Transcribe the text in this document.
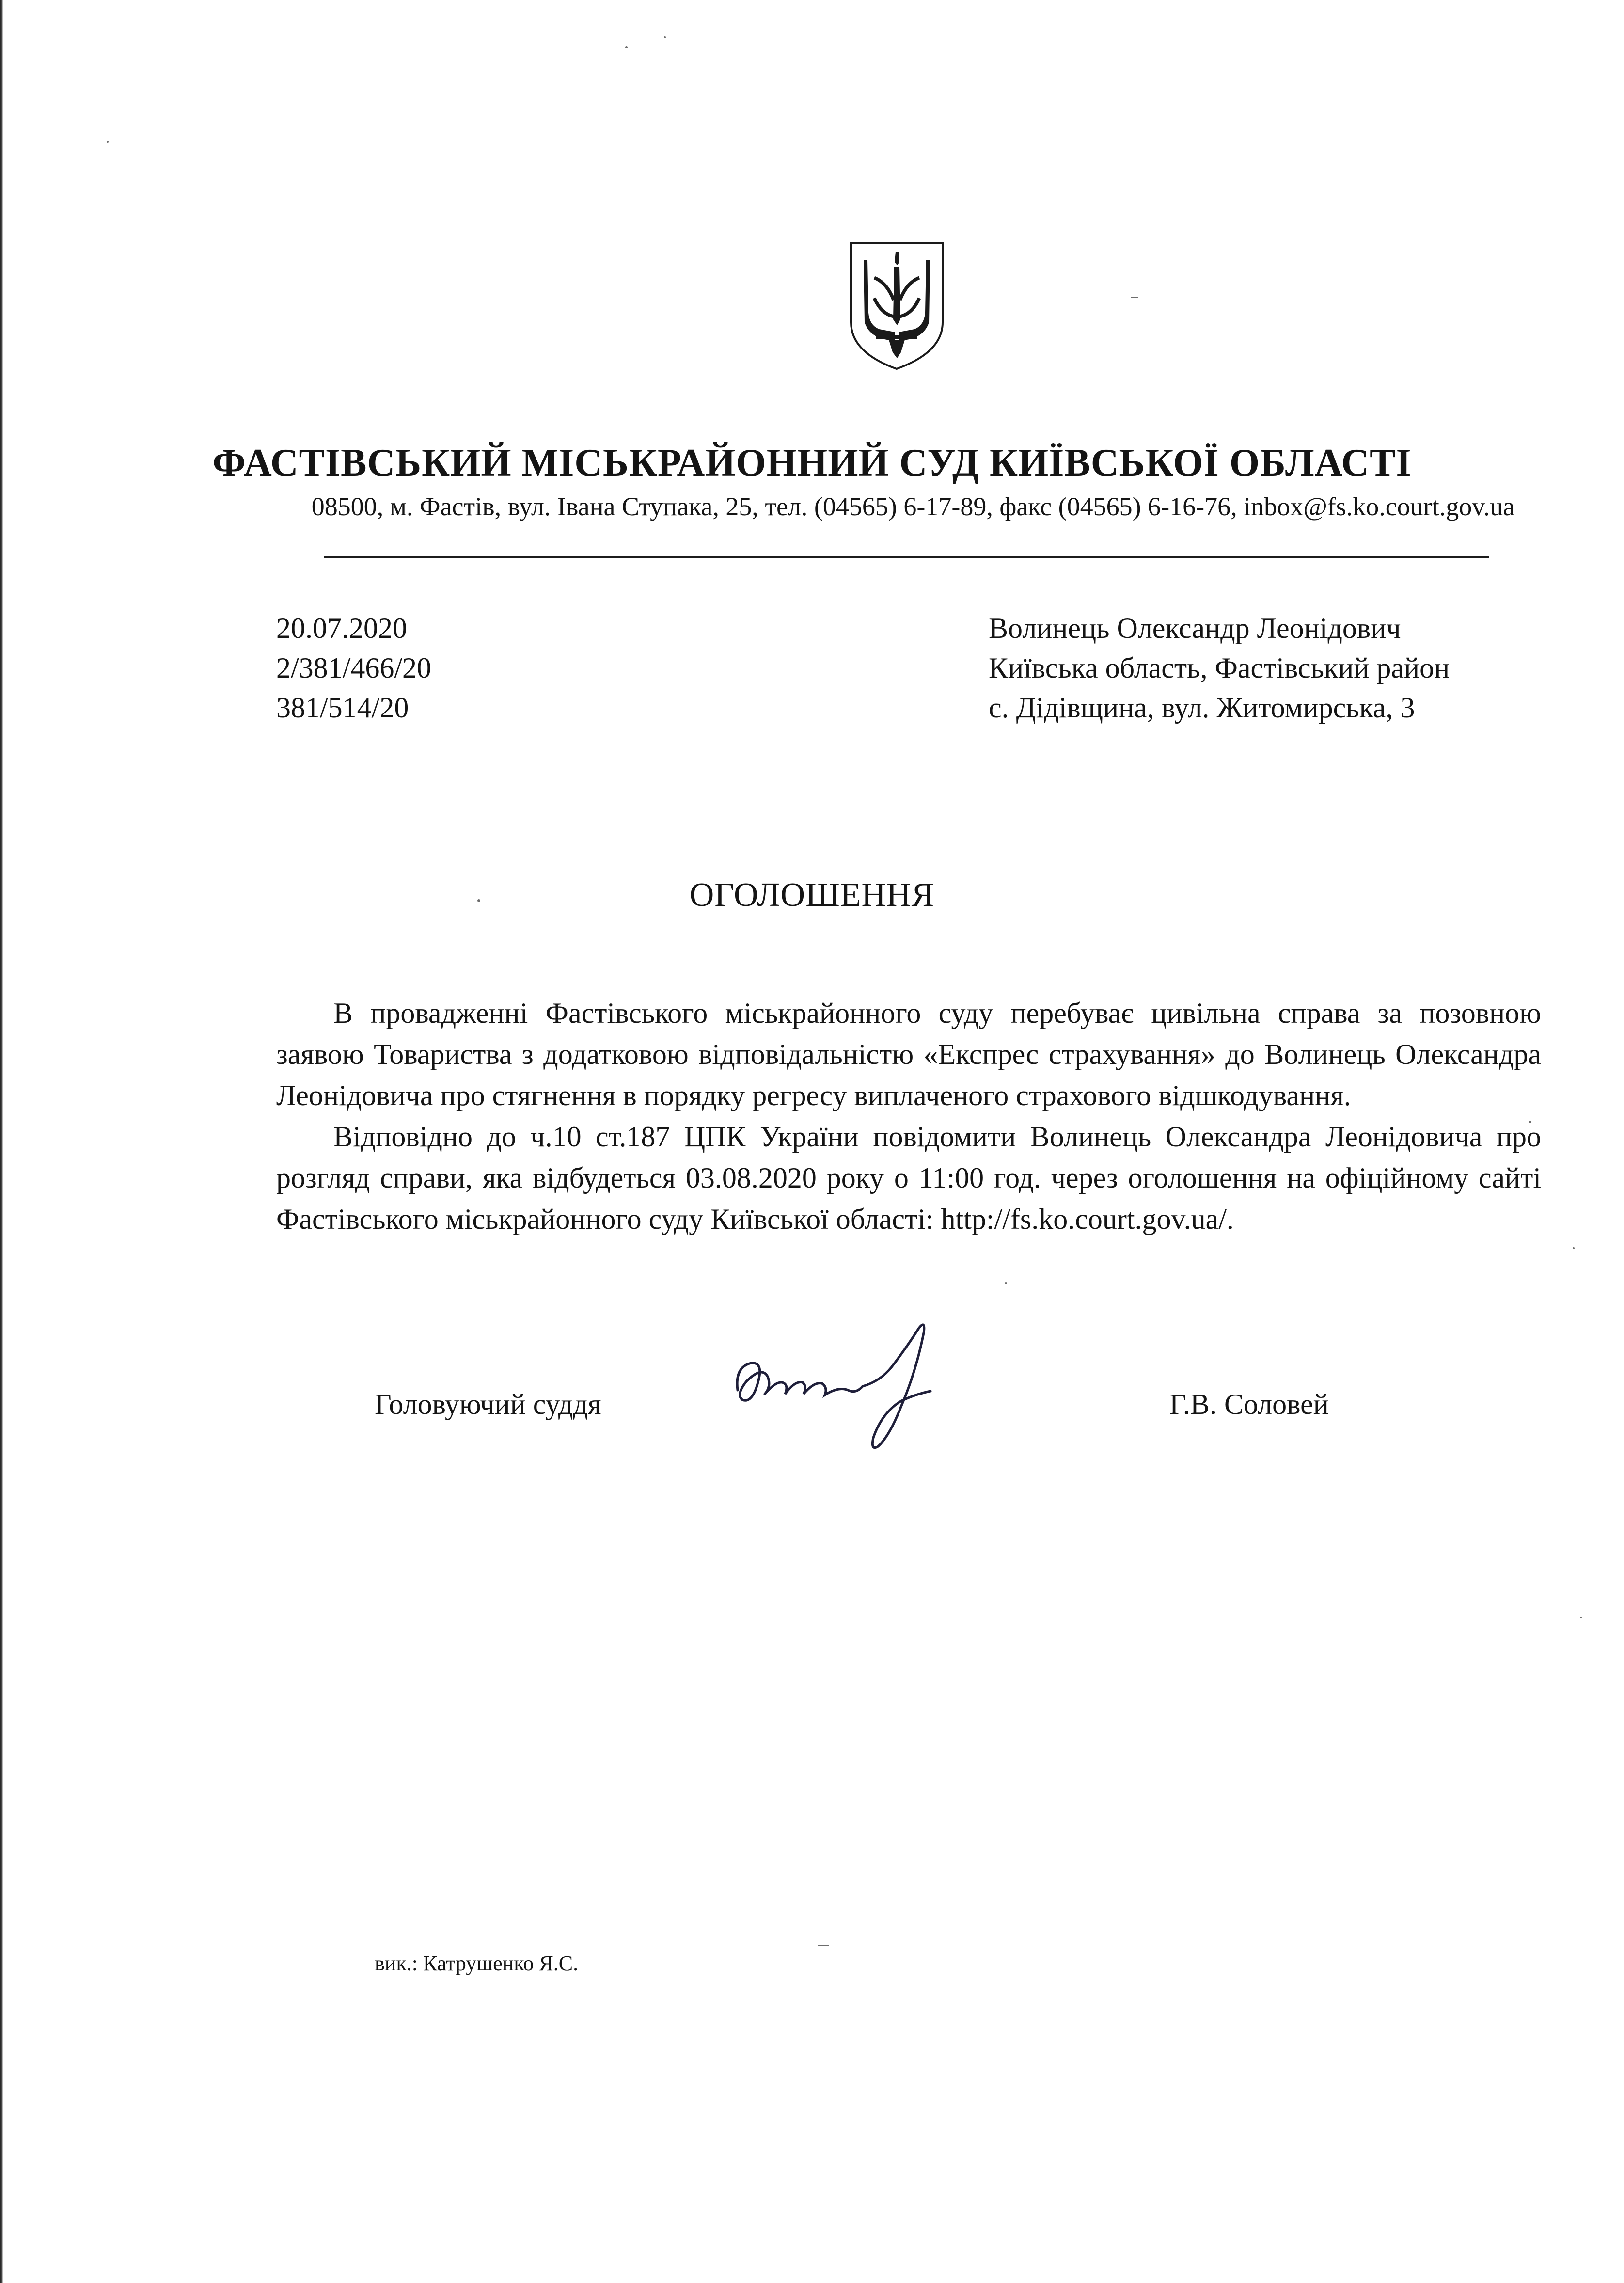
ФАСТІВСЬКИЙ МІСЬКРАЙОННИЙ СУД КИЇВСЬКОЇ ОБЛАСТІ
08500, м. Фастів, вул. Івана Ступака, 25, тел. (04565) 6-17-89, факс (04565) 6-16-76, inbox@fs.ko.court.gov.ua
20.07.2020
2/381/466/20
381/514/20
Волинець Олександр Леонідович
Київська область, Фастівський район
с. Дідівщина, вул. Житомирська, 3
ОГОЛОШЕННЯ

В провадженні Фастівського міськрайонного суду перебуває цивільна справа за позовною заявою Товариства з додатковою відповідальністю «Експрес страхування» до Волинець Олександра Леонідовича про стягнення в порядку регресу виплаченого страхового відшкодування.

Відповідно до ч.10 ст.187 ЦПК України повідомити Волинець Олександра Леонідовича про розгляд справи, яка відбудеться 03.08.2020 року о 11:00 год. через оголошення на офіційному сайті Фастівського міськрайонного суду Київської області: http://fs.ko.court.gov.ua/.

Головуючий суддя	Г.В. Соловей
вик.: Катрушенко Я.С.
